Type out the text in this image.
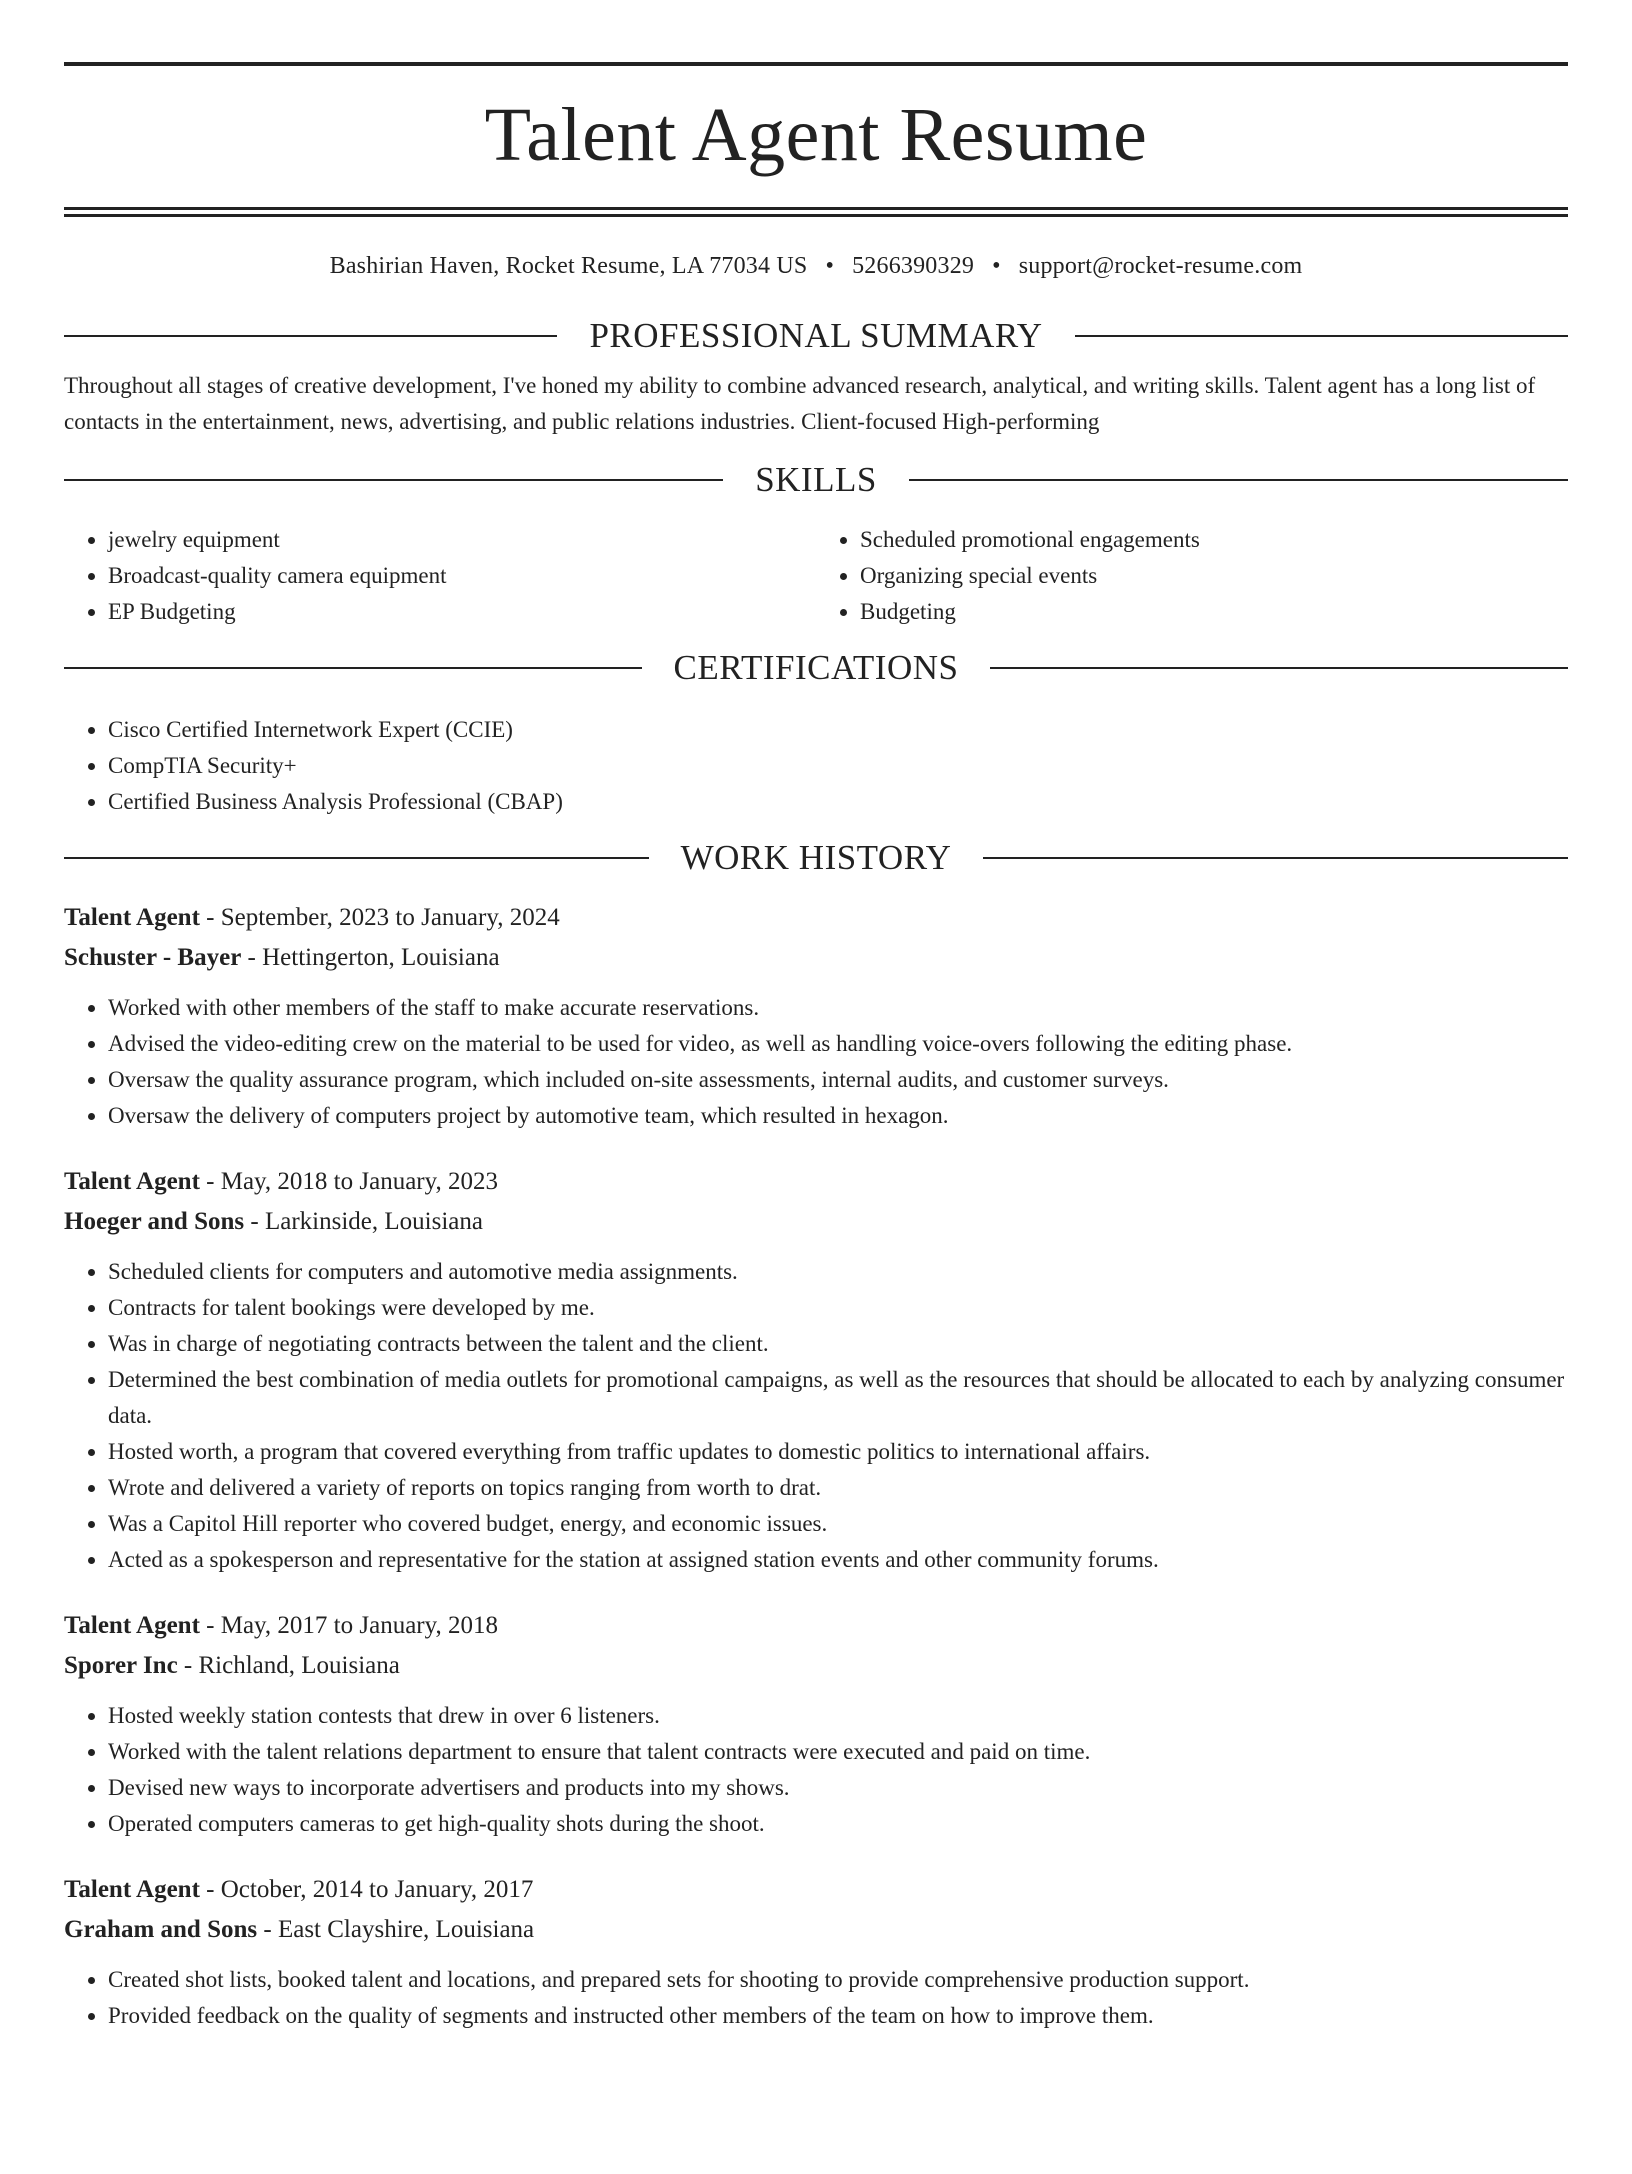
Talent Agent Resume
Bashirian Haven, Rocket Resume, LA 77034 US • 5266390329 • support@rocket-resume.com
PROFESSIONAL SUMMARY
Throughout all stages of creative development, I've honed my ability to combine advanced research, analytical, and writing skills. Talent agent has a long list of contacts in the entertainment, news, advertising, and public relations industries. Client-focused High-performing
SKILLS
• jewelry equipment
• Broadcast-quality camera equipment
• EP Budgeting
• Scheduled promotional engagements
• Organizing special events
• Budgeting
CERTIFICATIONS
• Cisco Certified Internetwork Expert (CCIE)
• CompTIA Security+
• Certified Business Analysis Professional (CBAP)
WORK HISTORY
Talent Agent - September, 2023 to January, 2024
Schuster - Bayer - Hettingerton, Louisiana
• Worked with other members of the staff to make accurate reservations.
• Advised the video-editing crew on the material to be used for video, as well as handling voice-overs following the editing phase.
• Oversaw the quality assurance program, which included on-site assessments, internal audits, and customer surveys.
• Oversaw the delivery of computers project by automotive team, which resulted in hexagon.
Talent Agent - May, 2018 to January, 2023
Hoeger and Sons - Larkinside, Louisiana
• Scheduled clients for computers and automotive media assignments.
• Contracts for talent bookings were developed by me.
• Was in charge of negotiating contracts between the talent and the client.
• Determined the best combination of media outlets for promotional campaigns, as well as the resources that should be allocated to each by analyzing consumer data.
• Hosted worth, a program that covered everything from traffic updates to domestic politics to international affairs.
• Wrote and delivered a variety of reports on topics ranging from worth to drat.
• Was a Capitol Hill reporter who covered budget, energy, and economic issues.
• Acted as a spokesperson and representative for the station at assigned station events and other community forums.
Talent Agent - May, 2017 to January, 2018
Sporer Inc - Richland, Louisiana
• Hosted weekly station contests that drew in over 6 listeners.
• Worked with the talent relations department to ensure that talent contracts were executed and paid on time.
• Devised new ways to incorporate advertisers and products into my shows.
• Operated computers cameras to get high-quality shots during the shoot.
Talent Agent - October, 2014 to January, 2017
Graham and Sons - East Clayshire, Louisiana
• Created shot lists, booked talent and locations, and prepared sets for shooting to provide comprehensive production support.
• Provided feedback on the quality of segments and instructed other members of the team on how to improve them.
